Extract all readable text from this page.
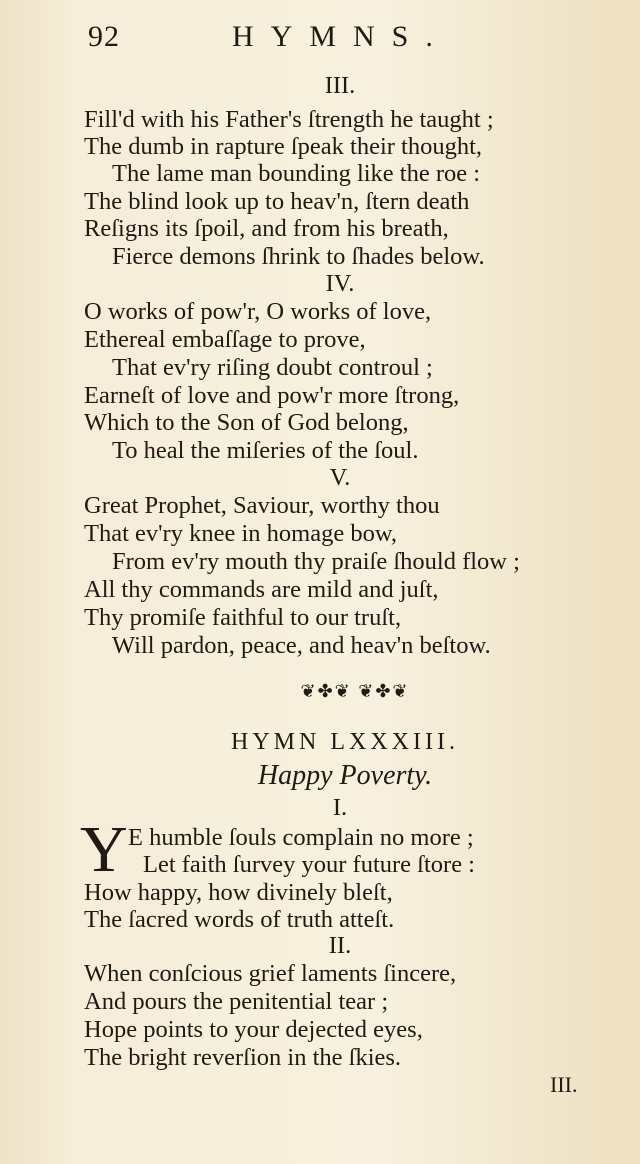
92	HYMNS.
III.
Fill'd with his Father's ſtrength he taught ;
The dumb in rapture ſpeak their thought,
The lame man bounding like the roe :
The blind look up to heav'n, ſtern death
Reſigns its ſpoil, and from his breath,
Fierce demons ſhrink to ſhades below.
IV.
O works of pow'r, O works of love,
Ethereal embaſſage to prove,
That ev'ry riſing doubt controul ;
Earneſt of love and pow'r more ſtrong,
Which to the Son of God belong,
To heal the miſeries of the ſoul.
V.
Great Prophet, Saviour, worthy thou
That ev'ry knee in homage bow,
From ev'ry mouth thy praiſe ſhould flow ;
All thy commands are mild and juſt,
Thy promiſe faithful to our truſt,
Will pardon, peace, and heav'n beſtow.
❦✤❦ ❦✤❦
HYMN LXXXIII.
Happy Poverty.
I.
Y E humble ſouls complain no more ;
Let faith ſurvey your future ſtore :
How happy, how divinely bleſt,
The ſacred words of truth atteſt.
II.
When conſcious grief laments ſincere,
And pours the penitential tear ;
Hope points to your dejected eyes,
The bright reverſion in the ſkies.
III.
